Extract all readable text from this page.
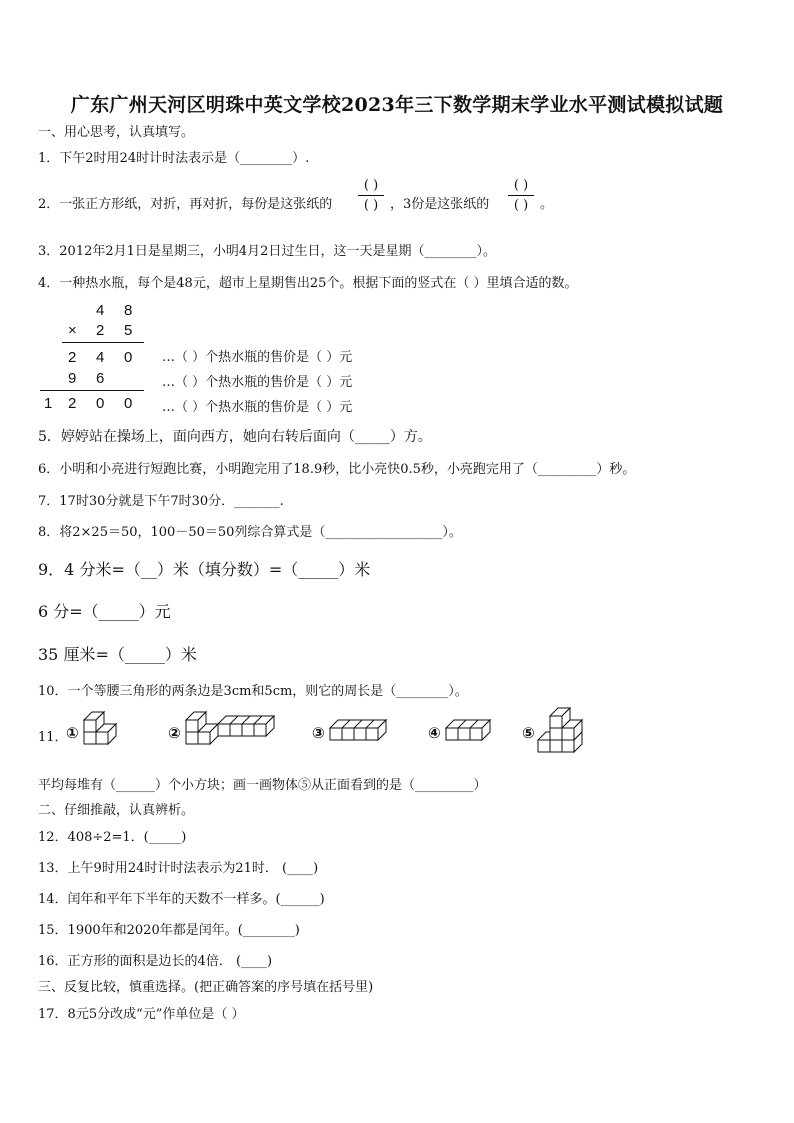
广东广州天河区明珠中英文学校2023年三下数学期末学业水平测试模拟试题
一、用心思考，认真填写。
1．下午2时用24时计时法表示是（________）.
2．一张正方形纸，对折，再对折，每份是这张纸的
( )
( ) ，3份是这张纸的
( )
( ) 。
3．2012年2月1日是星期三，小明4月2日过生日，这一天是星期（________）。
4．一种热水瓶，每个是48元，超市上星期售出25个。根据下面的竖式在（ ）里填合适的数。
4 8
× 2 5
2 4 0
9 6
1 2 0 0
…（ ）个热水瓶的售价是（ ）元
…（ ）个热水瓶的售价是（ ）元
…（ ）个热水瓶的售价是（ ）元
5．婷婷站在操场上，面向西方，她向右转后面向（_____）方。
6．小明和小亮进行短跑比赛，小明跑完用了18.9秒，比小亮快0.5秒，小亮跑完用了（_________）秒。
7．17时30分就是下午7时30分．_______.
8．将2×25＝50，100－50＝50列综合算式是（__________________）。
9．4 分米=（__）米（填分数）=（_____）米
6 分=（_____）元
35 厘米=（_____）米
10．一个等腰三角形的两条边是3cm和5cm，则它的周长是（________）。
11．
①	②	③	④	⑤
平均每堆有（______）个小方块；画一画物体⑤从正面看到的是（_________）
二、仔细推敲，认真辨析。
12．408÷2=1．(_____)
13．上午9时用24时计时法表示为21时． (____)
14．闰年和平年下半年的天数不一样多。(______)
15．1900年和2020年都是闰年。(________)
16．正方形的面积是边长的4倍． (____)
三、反复比较，慎重选择。(把正确答案的序号填在括号里)
17．8元5分改成“元”作单位是（ ）
